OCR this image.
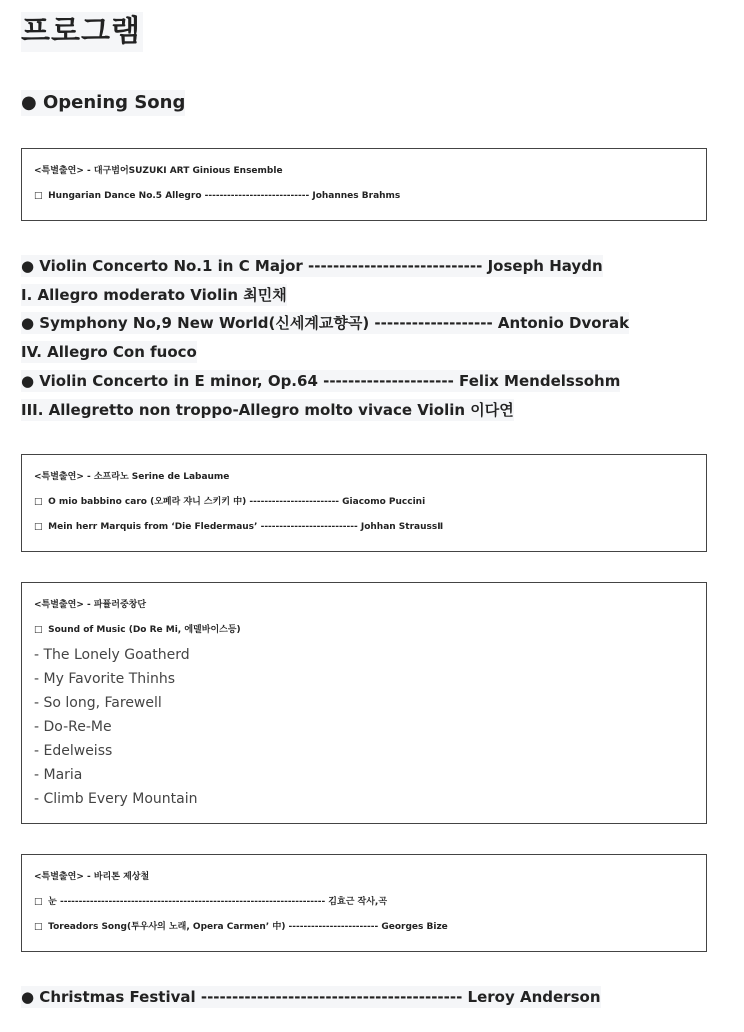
프로그램
● Opening Song
<특별출연> - 대구범어SUZUKI ART Ginious Ensemble
□ Hungarian Dance No.5 Allegro ---------------------------- Johannes Brahms
● Violin Concerto No.1 in C Major ---------------------------- Joseph Haydn
I. Allegro moderato Violin 최민채
● Symphony No,9 New World(신세계교향곡) ------------------- Antonio Dvorak
IV. Allegro Con fuoco
● Violin Concerto in E minor, Op.64 --------------------- Felix Mendelssohm
III. Allegretto non troppo-Allegro molto vivace Violin 이다연
<특별출연> - 소프라노 Serine de Labaume
□ O mio babbino caro (오페라 쟈니 스키키 中) ------------------------ Giacomo Puccini
□ Mein herr Marquis from ‘Die Fledermaus’ -------------------------- Johhan StraussⅡ
<특별출연> - 파퓰러중창단
□ Sound of Music (Do Re Mi, 에델바이스등)
- The Lonely Goatherd
- My Favorite Thinhs
- So long, Farewell
- Do-Re-Me
- Edelweiss
- Maria
- Climb Every Mountain
<특별출연> - 바리톤 제상철
□ 눈 ----------------------------------------------------------------------- 김효근 작사,곡
□ Toreadors Song(투우사의 노래, Opera Carmen’ 中) ------------------------ Georges Bize
● Christmas Festival ------------------------------------------ Leroy Anderson
